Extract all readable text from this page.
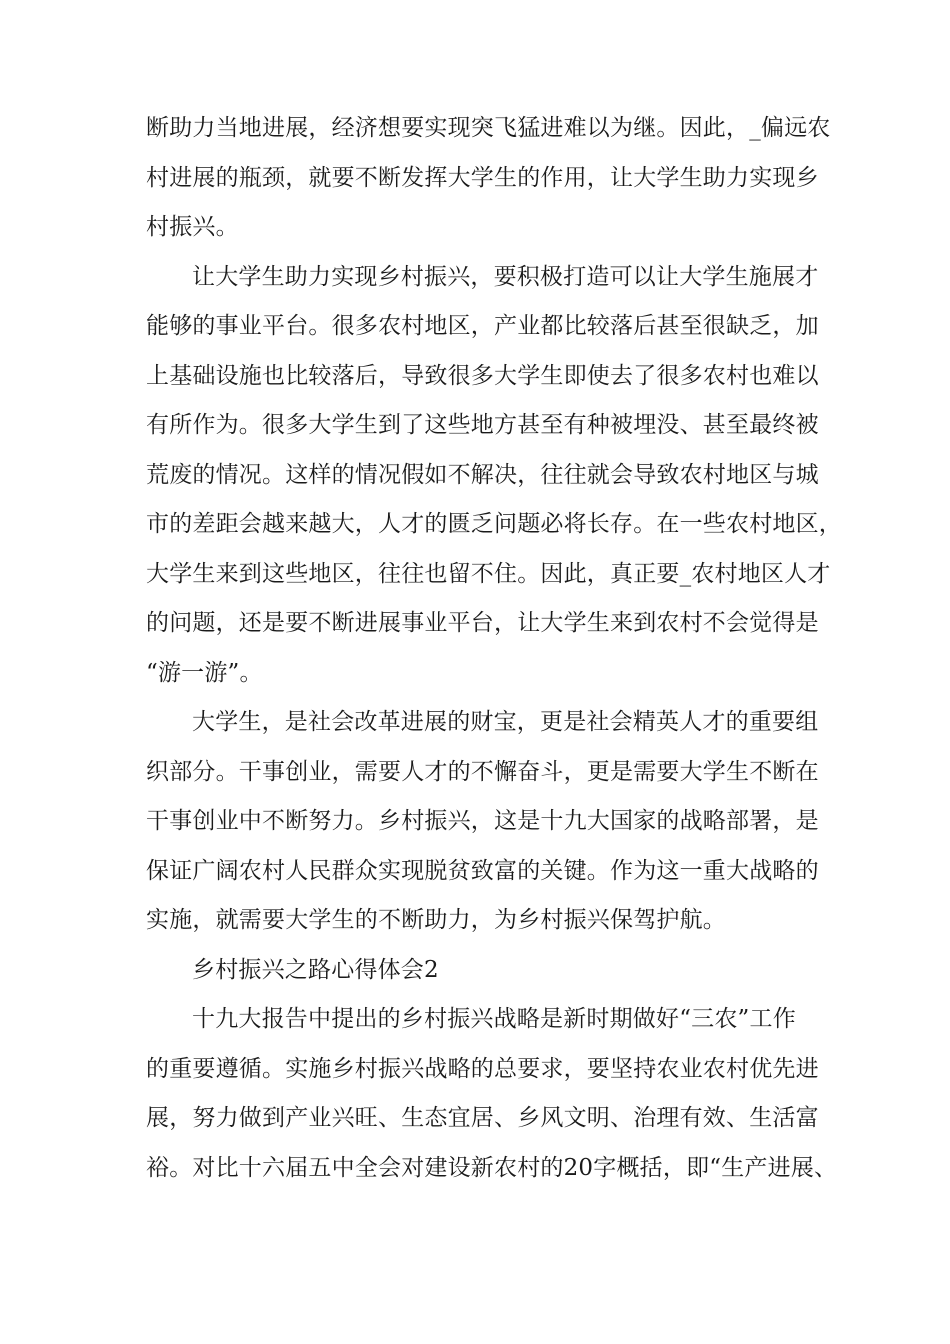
断助力当地进展，经济想要实现突飞猛进难以为继。因此，_偏远农
村进展的瓶颈，就要不断发挥大学生的作用，让大学生助力实现乡
村振兴。
让大学生助力实现乡村振兴，要积极打造可以让大学生施展才
能够的事业平台。很多农村地区，产业都比较落后甚至很缺乏，加
上基础设施也比较落后，导致很多大学生即使去了很多农村也难以
有所作为。很多大学生到了这些地方甚至有种被埋没、甚至最终被
荒废的情况。这样的情况假如不解决，往往就会导致农村地区与城
市的差距会越来越大，人才的匮乏问题必将长存。在一些农村地区，
大学生来到这些地区，往往也留不住。因此，真正要_农村地区人才
的问题，还是要不断进展事业平台，让大学生来到农村不会觉得是
“游一游”。
大学生，是社会改革进展的财宝，更是社会精英人才的重要组
织部分。干事创业，需要人才的不懈奋斗，更是需要大学生不断在
干事创业中不断努力。乡村振兴，这是十九大国家的战略部署，是
保证广阔农村人民群众实现脱贫致富的关键。作为这一重大战略的
实施，就需要大学生的不断助力，为乡村振兴保驾护航。
乡村振兴之路心得体会2
十九大报告中提出的乡村振兴战略是新时期做好“三农”工作
的重要遵循。实施乡村振兴战略的总要求，要坚持农业农村优先进
展，努力做到产业兴旺、生态宜居、乡风文明、治理有效、生活富
裕。对比十六届五中全会对建设新农村的20字概括，即“生产进展、
